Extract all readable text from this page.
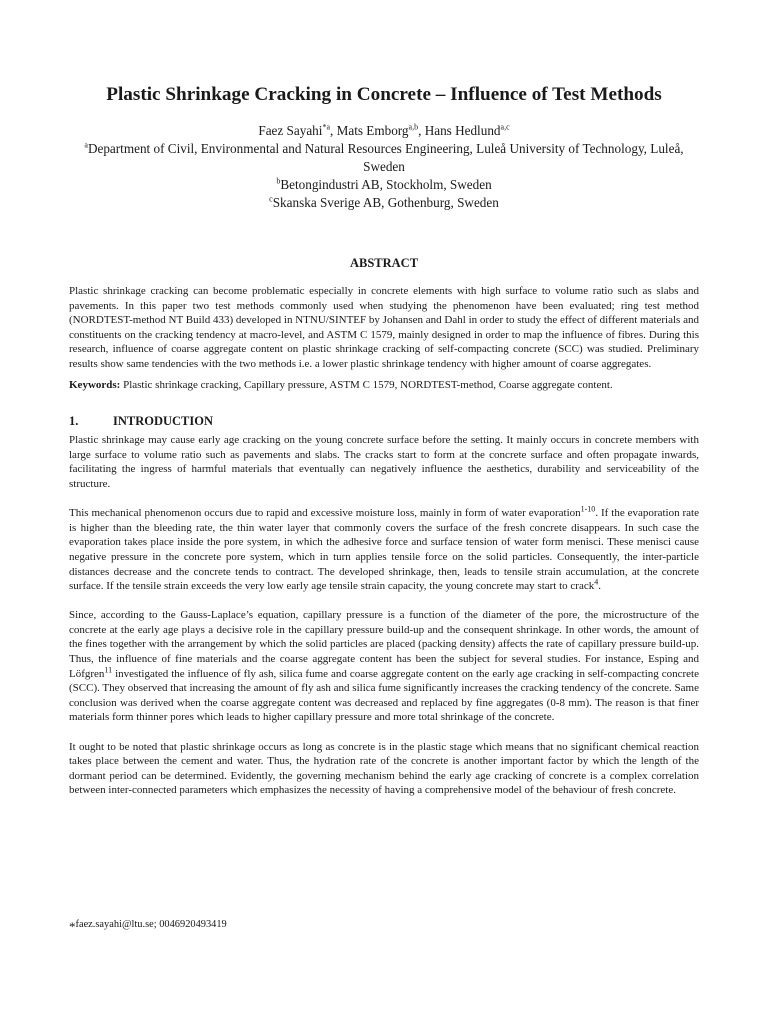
Plastic Shrinkage Cracking in Concrete – Influence of Test Methods
Faez Sayahi$^{*a}$, Mats Emborg$^{a,b}$, Hans Hedlund$^{a,c}$
$^a$Department of Civil, Environmental and Natural Resources Engineering, Luleå University of Technology, Luleå, Sweden
$^b$Betongindustri AB, Stockholm, Sweden
$^c$Skanska Sverige AB, Gothenburg, Sweden
ABSTRACT

Plastic shrinkage cracking can become problematic especially in concrete elements with high surface to volume ratio such as slabs and pavements. In this paper two test methods commonly used when studying the phenomenon have been evaluated; ring test method (NORDTEST-method NT Build 433) developed in NTNU/SINTEF by Johansen and Dahl in order to study the effect of different materials and constituents on the cracking tendency at macro-level, and ASTM C 1579, mainly designed in order to map the influence of fibres. During this research, influence of coarse aggregate content on plastic shrinkage cracking of self-compacting concrete (SCC) was studied. Preliminary results show same tendencies with the two methods i.e. a lower plastic shrinkage tendency with higher amount of coarse aggregates.

Keywords: Plastic shrinkage cracking, Capillary pressure, ASTM C 1579, NORDTEST-method, Coarse aggregate content.

1.	INTRODUCTION

Plastic shrinkage may cause early age cracking on the young concrete surface before the setting. It mainly occurs in concrete members with large surface to volume ratio such as pavements and slabs. The cracks start to form at the concrete surface and often propagate inwards, facilitating the ingress of harmful materials that eventually can negatively influence the aesthetics, durability and serviceability of the structure.

This mechanical phenomenon occurs due to rapid and excessive moisture loss, mainly in form of water evaporation$^{1-10}$. If the evaporation rate is higher than the bleeding rate, the thin water layer that commonly covers the surface of the fresh concrete disappears. In such case the evaporation takes place inside the pore system, in which the adhesive force and surface tension of water form menisci. These menisci cause negative pressure in the concrete pore system, which in turn applies tensile force on the solid particles. Consequently, the inter-particle distances decrease and the concrete tends to contract. The developed shrinkage, then, leads to tensile strain accumulation, at the concrete surface. If the tensile strain exceeds the very low early age tensile strain capacity, the young concrete may start to crack$^4$.

Since, according to the Gauss-Laplace’s equation, capillary pressure is a function of the diameter of the pore, the microstructure of the concrete at the early age plays a decisive role in the capillary pressure build-up and the consequent shrinkage. In other words, the amount of the fines together with the arrangement by which the solid particles are placed (packing density) affects the rate of capillary pressure build-up. Thus, the influence of fine materials and the coarse aggregate content has been the subject for several studies. For instance, Esping and Löfgren$^{11}$ investigated the influence of fly ash, silica fume and coarse aggregate content on the early age cracking in self-compacting concrete (SCC). They observed that increasing the amount of fly ash and silica fume significantly increases the cracking tendency of the concrete. Same conclusion was derived when the coarse aggregate content was decreased and replaced by fine aggregates (0-8 mm). The reason is that finer materials form thinner pores which leads to higher capillary pressure and more total shrinkage of the concrete.

It ought to be noted that plastic shrinkage occurs as long as concrete is in the plastic stage which means that no significant chemical reaction takes place between the cement and water. Thus, the hydration rate of the concrete is another important factor by which the length of the dormant period can be determined. Evidently, the governing mechanism behind the early age cracking of concrete is a complex correlation between inter-connected parameters which emphasizes the necessity of having a comprehensive model of the behaviour of fresh concrete.

*faez.sayahi@ltu.se; 0046920493419
